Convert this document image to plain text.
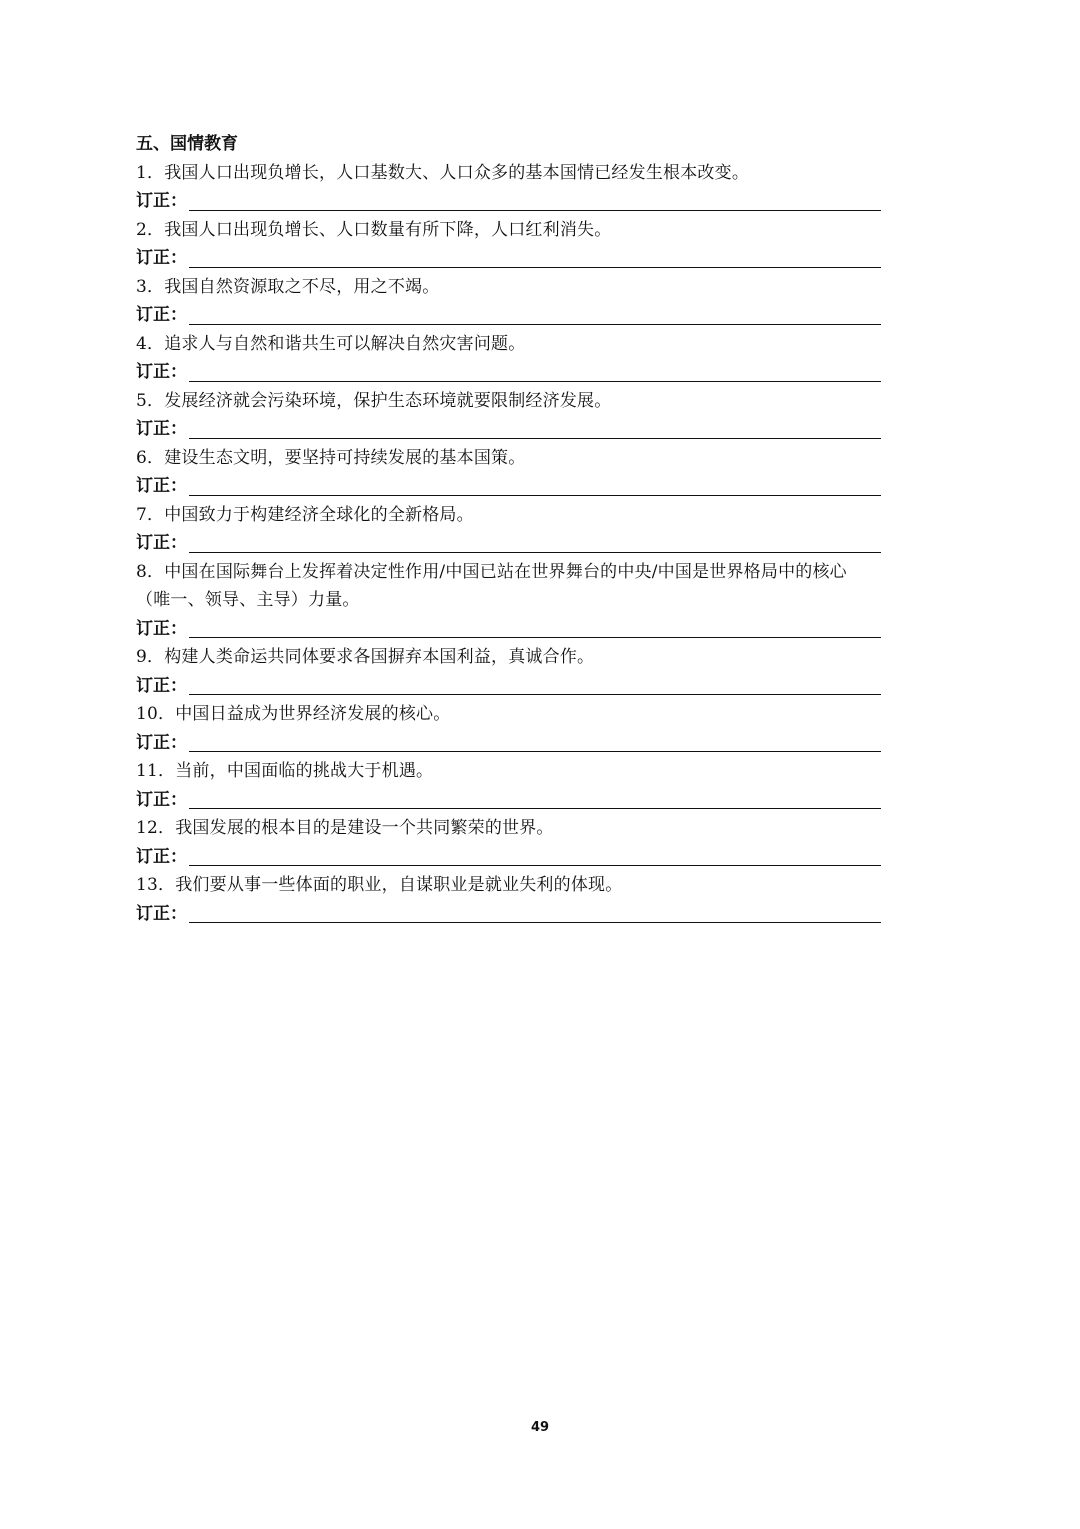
五、国情教育

1．我国人口出现负增长，人口基数大、人口众多的基本国情已经发生根本改变。

订正：

2．我国人口出现负增长、人口数量有所下降，人口红利消失。

订正：

3．我国自然资源取之不尽，用之不竭。

订正：

4．追求人与自然和谐共生可以解决自然灾害问题。

订正：

5．发展经济就会污染环境，保护生态环境就要限制经济发展。

订正：

6．建设生态文明，要坚持可持续发展的基本国策。

订正：

7．中国致力于构建经济全球化的全新格局。

订正：

8．中国在国际舞台上发挥着决定性作用/中国已站在世界舞台的中央/中国是世界格局中的核心（唯一、领导、主导）力量。

订正：

9．构建人类命运共同体要求各国摒弃本国利益，真诚合作。

订正：

10．中国日益成为世界经济发展的核心。

订正：

11．当前，中国面临的挑战大于机遇。

订正：

12．我国发展的根本目的是建设一个共同繁荣的世界。

订正：

13．我们要从事一些体面的职业，自谋职业是就业失利的体现。

订正：
49
